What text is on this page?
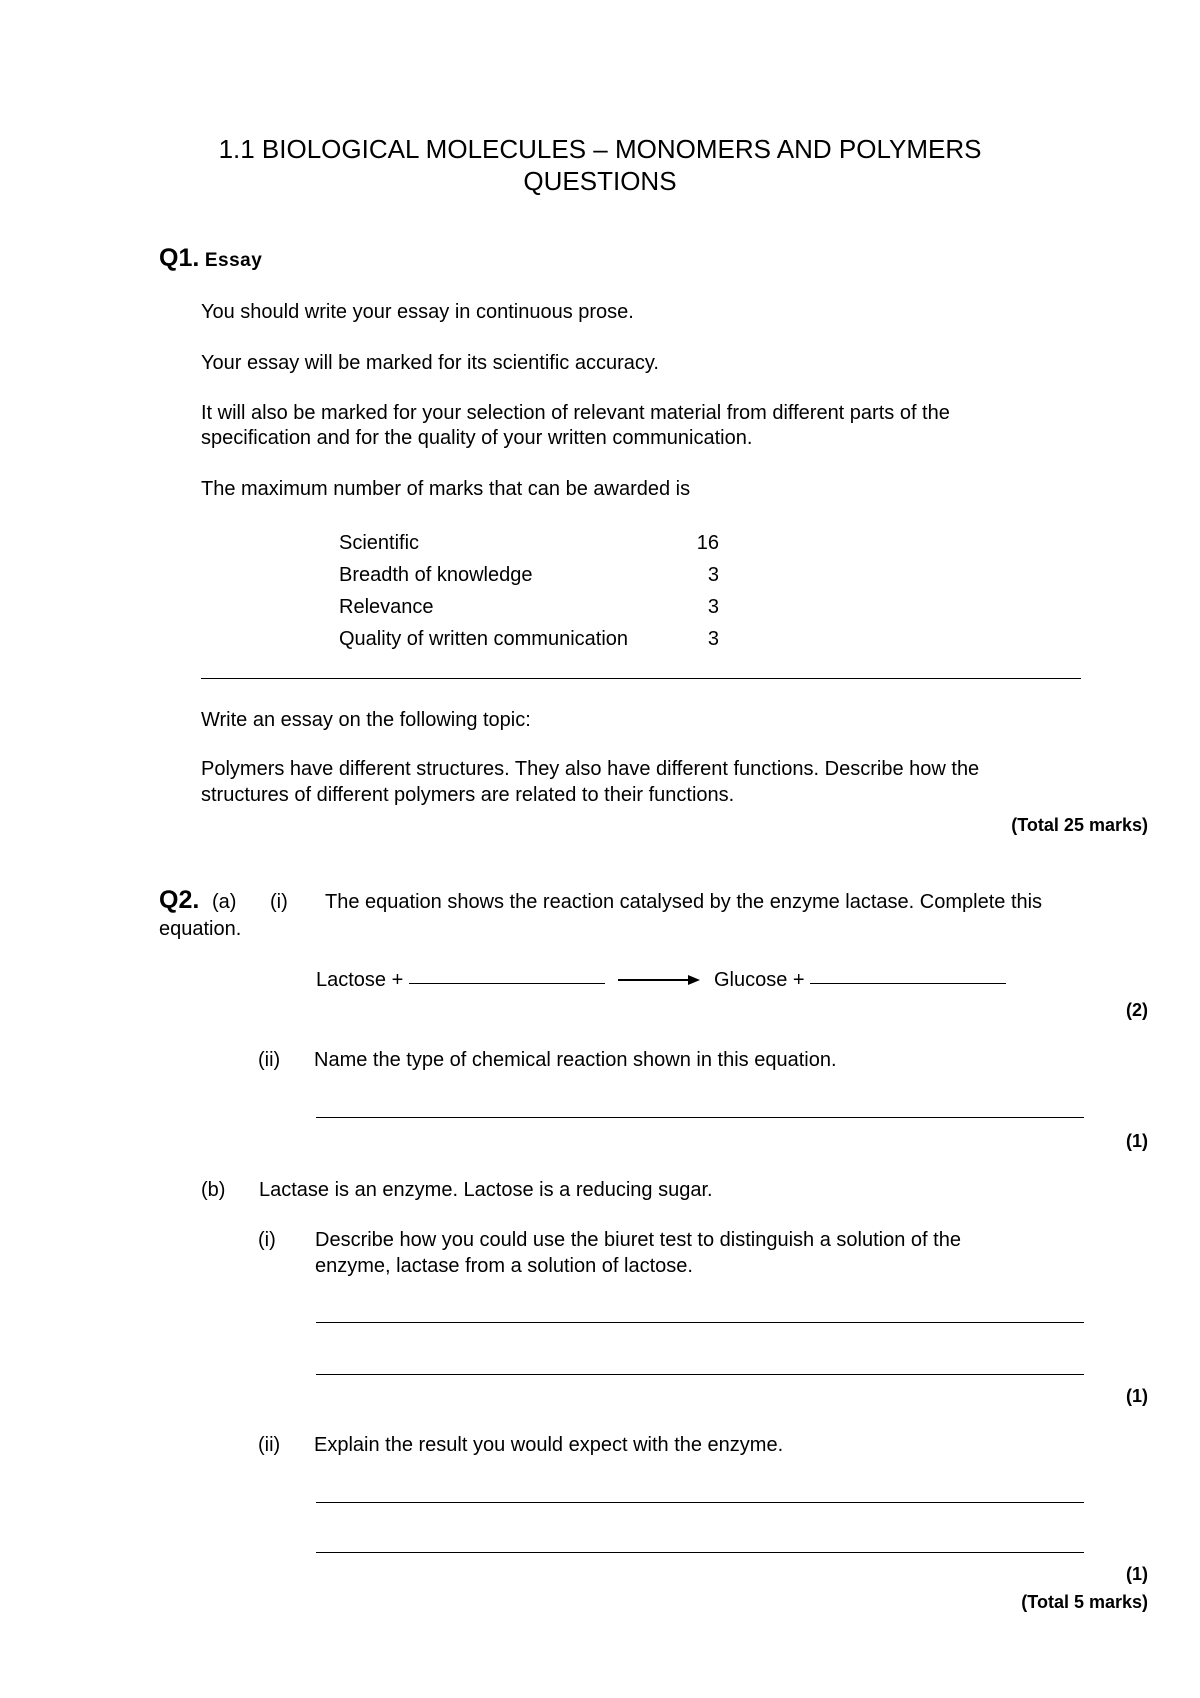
1.1 BIOLOGICAL MOLECULES – MONOMERS AND POLYMERS
QUESTIONS
Q1. Essay
You should write your essay in continuous prose.
Your essay will be marked for its scientific accuracy.
It will also be marked for your selection of relevant material from different parts of the
specification and for the quality of your written communication.
The maximum number of marks that can be awarded is
Scientific	16
Breadth of knowledge	3
Relevance	3
Quality of written communication	3
Write an essay on the following topic:
Polymers have different structures. They also have different functions. Describe how the
structures of different polymers are related to their functions.
(Total 25 marks)
Q2. (a) (i) The equation shows the reaction catalysed by the enzyme lactase. Complete this
equation.
Lactose +	Glucose +
(2)
(ii) Name the type of chemical reaction shown in this equation.
(1)
(b) Lactase is an enzyme. Lactose is a reducing sugar.
(i) Describe how you could use the biuret test to distinguish a solution of the
enzyme, lactase from a solution of lactose.
(1)
(ii) Explain the result you would expect with the enzyme.
(1)
(Total 5 marks)
